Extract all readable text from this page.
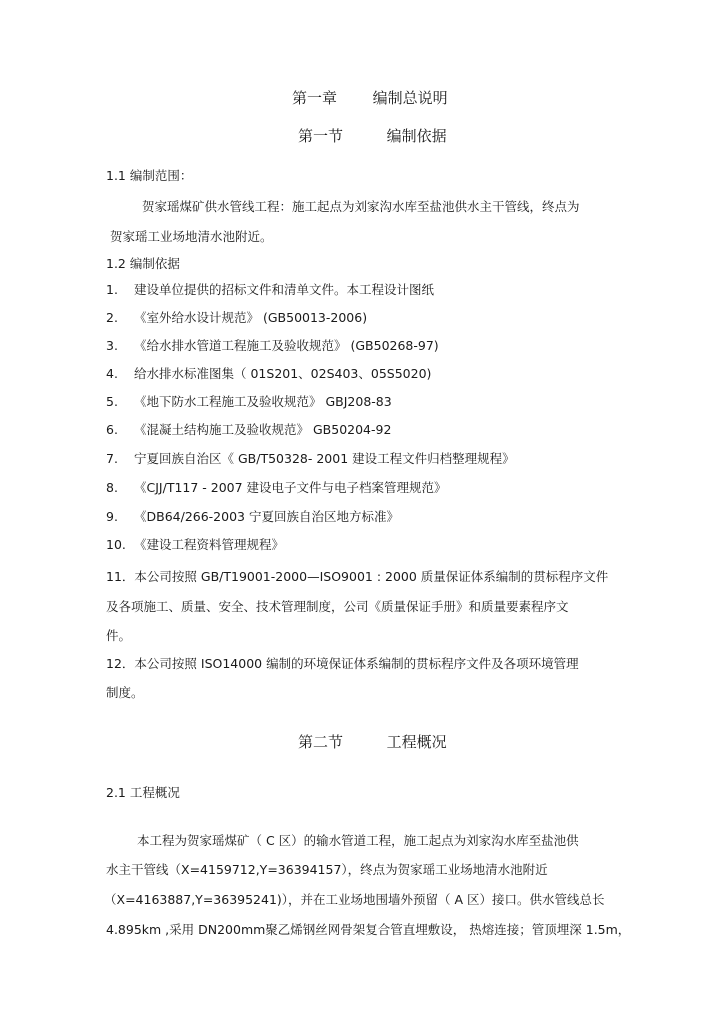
第一章 编制总说明
第一节	编制依据
1.1 编制范围：
贺家瑶煤矿供水管线工程：施工起点为刘家沟水库至盐池供水主干管线，终点为
贺家瑶工业场地清水池附近。
1.2 编制依据
1. 建设单位提供的招标文件和清单文件。本工程设计图纸
2. 《室外给水设计规范》 (GB50013-2006)
3. 《给水排水管道工程施工及验收规范》 (GB50268-97)
4. 给水排水标准图集（ 01S201、02S403、05S5020)
5. 《地下防水工程施工及验收规范》 GBJ208-83
6. 《混凝土结构施工及验收规范》 GB50204-92
7. 宁夏回族自治区《 GB/T50328- 2001 建设工程文件归档整理规程》
8. 《CJJ/T117 - 2007 建设电子文件与电子档案管理规范》
9. 《DB64/266-2003 宁夏回族自治区地方标准》
10. 《建设工程资料管理规程》
11．本公司按照 GB/T19001-2000—ISO9001 : 2000 质量保证体系编制的贯标程序文件
及各项施工、质量、安全、技术管理制度，公司《质量保证手册》和质量要素程序文
件。
12．本公司按照 ISO14000 编制的环境保证体系编制的贯标程序文件及各项环境管理
制度。
第二节	工程概况
2.1 工程概况
本工程为贺家瑶煤矿（ C 区）的输水管道工程，施工起点为刘家沟水库至盐池供
水主干管线（X=4159712,Y=36394157），终点为贺家瑶工业场地清水池附近
（X=4163887,Y=36395241)），并在工业场地围墙外预留（ A 区）接口。供水管线总长
4.895km ,采用 DN200mm聚乙烯钢丝网骨架复合管直埋敷设， 热熔连接；管顶埋深 1.5m，
